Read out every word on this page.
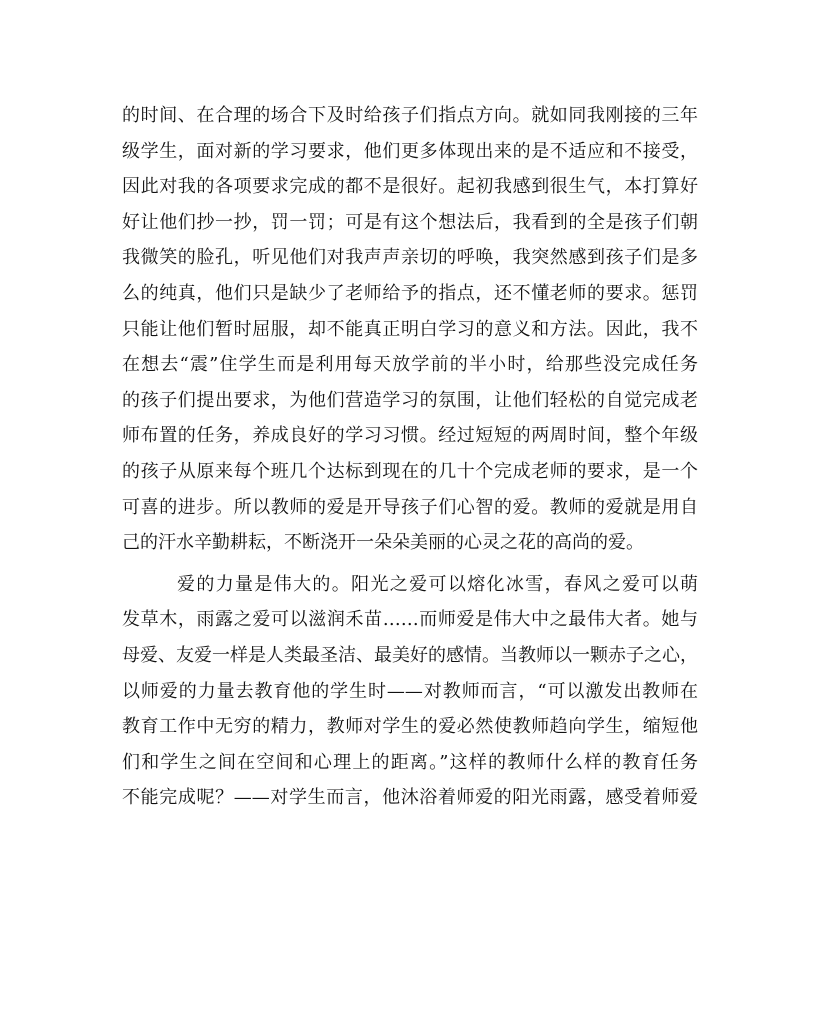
的时间、在合理的场合下及时给孩子们指点方向。就如同我刚接的三年
级学生，面对新的学习要求，他们更多体现出来的是不适应和不接受，
因此对我的各项要求完成的都不是很好。起初我感到很生气，本打算好
好让他们抄一抄，罚一罚；可是有这个想法后，我看到的全是孩子们朝
我微笑的脸孔，听见他们对我声声亲切的呼唤，我突然感到孩子们是多
么的纯真，他们只是缺少了老师给予的指点，还不懂老师的要求。惩罚
只能让他们暂时屈服，却不能真正明白学习的意义和方法。因此，我不
在想去“震”住学生而是利用每天放学前的半小时，给那些没完成任务
的孩子们提出要求，为他们营造学习的氛围，让他们轻松的自觉完成老
师布置的任务，养成良好的学习习惯。经过短短的两周时间，整个年级
的孩子从原来每个班几个达标到现在的几十个完成老师的要求，是一个
可喜的进步。所以教师的爱是开导孩子们心智的爱。教师的爱就是用自
己的汗水辛勤耕耘，不断浇开一朵朵美丽的心灵之花的高尚的爱。
爱的力量是伟大的。阳光之爱可以熔化冰雪，春风之爱可以萌
发草木，雨露之爱可以滋润禾苗……而师爱是伟大中之最伟大者。她与
母爱、友爱一样是人类最圣洁、最美好的感情。当教师以一颗赤子之心，
以师爱的力量去教育他的学生时——对教师而言，“可以激发出教师在
教育工作中无穷的精力，教师对学生的爱必然使教师趋向学生，缩短他
们和学生之间在空间和心理上的距离。”这样的教师什么样的教育任务
不能完成呢？——对学生而言，他沐浴着师爱的阳光雨露，感受着师爱
